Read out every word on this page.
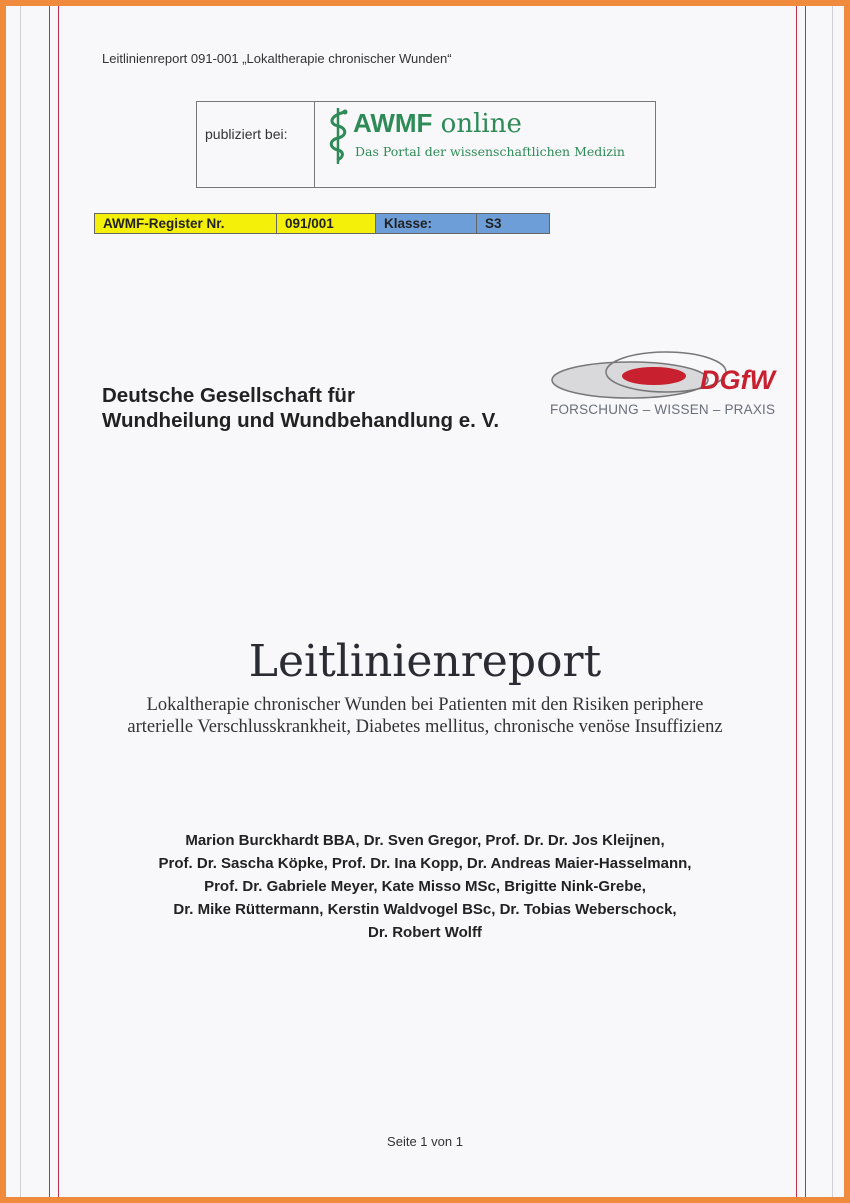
Leitlinienreport 091-001 „Lokaltherapie chronischer Wunden“
publiziert bei:	AWMF online
Das Portal der wissenschaftlichen Medizin
AWMF-Register Nr.	091/001	Klasse:	S3
Deutsche Gesellschaft für
Wundheilung und Wundbehandlung e. V.
DGfW
FORSCHUNG – WISSEN – PRAXIS
Leitlinienreport
Lokaltherapie chronischer Wunden bei Patienten mit den Risiken periphere
arterielle Verschlusskrankheit, Diabetes mellitus, chronische venöse Insuffizienz
Marion Burckhardt BBA, Dr. Sven Gregor, Prof. Dr. Dr. Jos Kleijnen,
Prof. Dr. Sascha Köpke, Prof. Dr. Ina Kopp, Dr. Andreas Maier-Hasselmann,
Prof. Dr. Gabriele Meyer, Kate Misso MSc, Brigitte Nink-Grebe,
Dr. Mike Rüttermann, Kerstin Waldvogel BSc, Dr. Tobias Weberschock,
Dr. Robert Wolff
Seite 1 von 1
